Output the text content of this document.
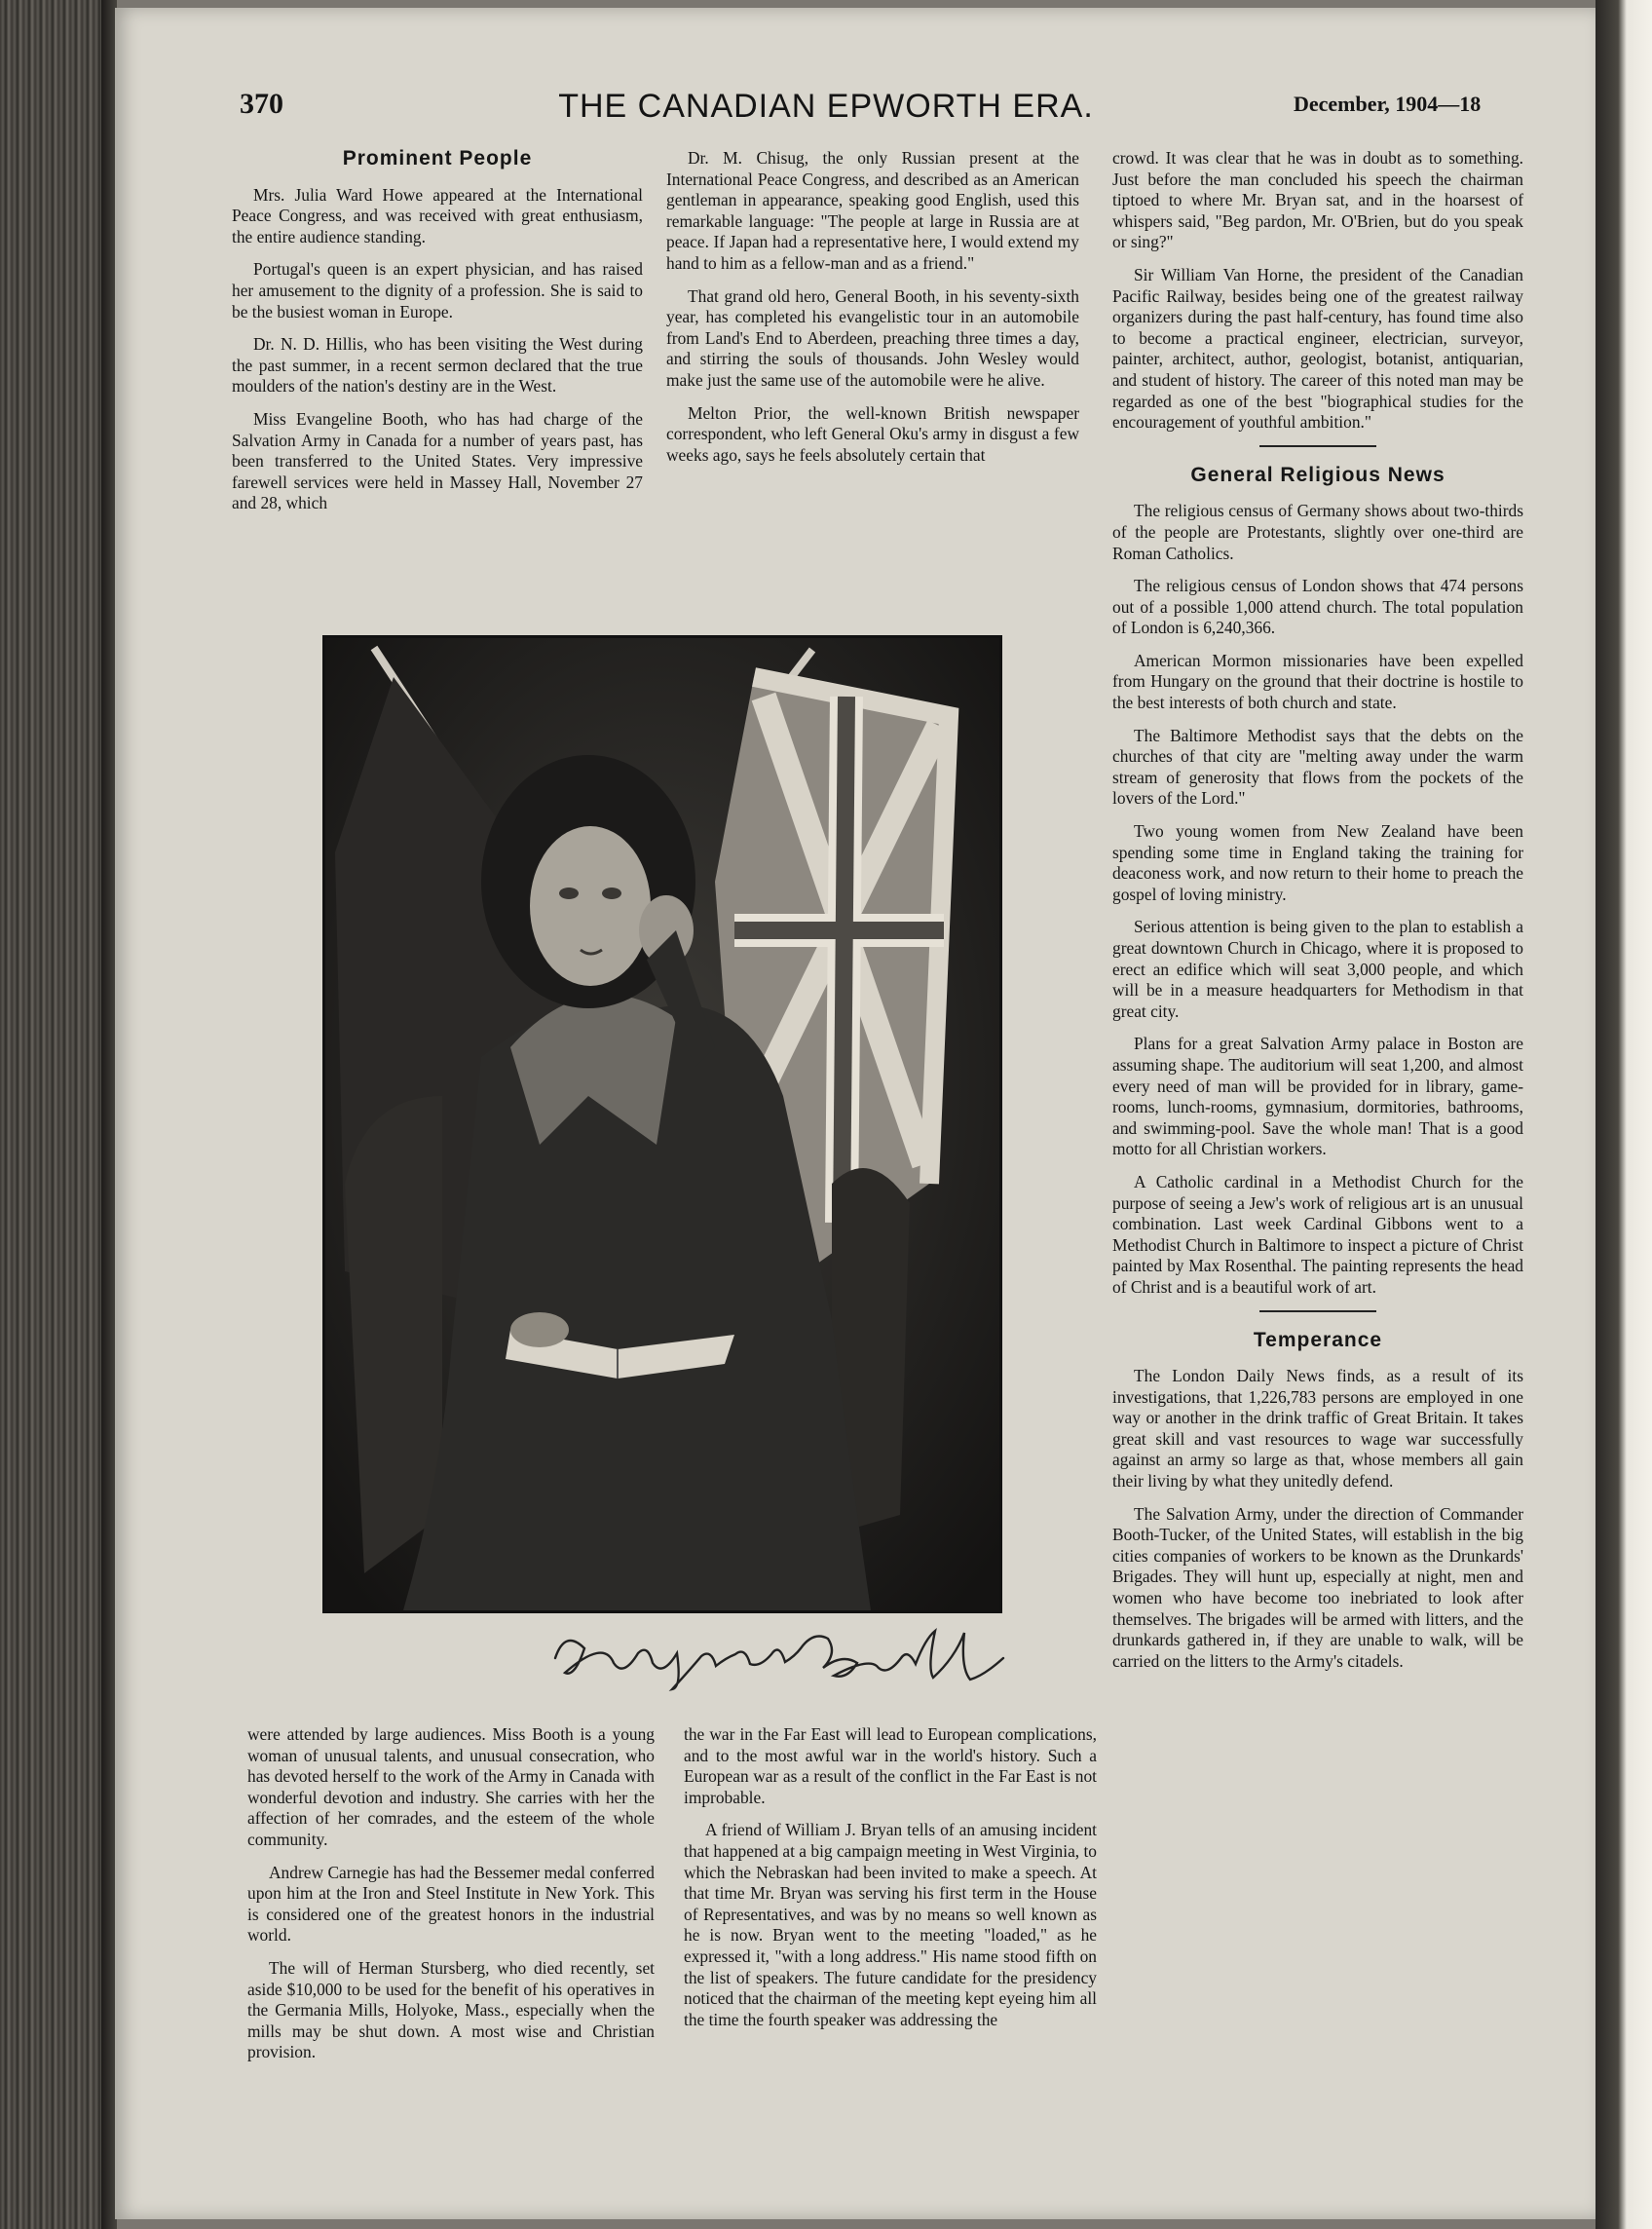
370	THE CANADIAN EPWORTH ERA.	December, 1904—18
Prominent People

Mrs. Julia Ward Howe appeared at the International Peace Congress, and was received with great enthusiasm, the entire audience standing.

Portugal's queen is an expert physician, and has raised her amusement to the dignity of a profession. She is said to be the busiest woman in Europe.

Dr. N. D. Hillis, who has been visiting the West during the past summer, in a recent sermon declared that the true moulders of the nation's destiny are in the West.

Miss Evangeline Booth, who has had charge of the Salvation Army in Canada for a number of years past, has been transferred to the United States. Very impressive farewell services were held in Massey Hall, November 27 and 28, which

Dr. M. Chisug, the only Russian present at the International Peace Congress, and described as an American gentleman in appearance, speaking good English, used this remarkable language: "The people at large in Russia are at peace. If Japan had a representative here, I would extend my hand to him as a fellow-man and as a friend."

That grand old hero, General Booth, in his seventy-sixth year, has completed his evangelistic tour in an automobile from Land's End to Aberdeen, preaching three times a day, and stirring the souls of thousands. John Wesley would make just the same use of the automobile were he alive.

Melton Prior, the well-known British newspaper correspondent, who left General Oku's army in disgust a few weeks ago, says he feels absolutely certain that

crowd. It was clear that he was in doubt as to something. Just before the man concluded his speech the chairman tiptoed to where Mr. Bryan sat, and in the hoarsest of whispers said, "Beg pardon, Mr. O'Brien, but do you speak or sing?"

Sir William Van Horne, the president of the Canadian Pacific Railway, besides being one of the greatest railway organizers during the past half-century, has found time also to become a practical engineer, electrician, surveyor, painter, architect, author, geologist, botanist, antiquarian, and student of history. The career of this noted man may be regarded as one of the best "biographical studies for the encouragement of youthful ambition."

General Religious News

The religious census of Germany shows about two-thirds of the people are Protestants, slightly over one-third are Roman Catholics.

The religious census of London shows that 474 persons out of a possible 1,000 attend church. The total population of London is 6,240,366.

American Mormon missionaries have been expelled from Hungary on the ground that their doctrine is hostile to the best interests of both church and state.

The Baltimore Methodist says that the debts on the churches of that city are "melting away under the warm stream of generosity that flows from the pockets of the lovers of the Lord."

Two young women from New Zealand have been spending some time in England taking the training for deaconess work, and now return to their home to preach the gospel of loving ministry.

Serious attention is being given to the plan to establish a great downtown Church in Chicago, where it is proposed to erect an edifice which will seat 3,000 people, and which will be in a measure headquarters for Methodism in that great city.

Plans for a great Salvation Army palace in Boston are assuming shape. The auditorium will seat 1,200, and almost every need of man will be provided for in library, game-rooms, lunch-rooms, gymnasium, dormitories, bathrooms, and swimming-pool. Save the whole man! That is a good motto for all Christian workers.

A Catholic cardinal in a Methodist Church for the purpose of seeing a Jew's work of religious art is an unusual combination. Last week Cardinal Gibbons went to a Methodist Church in Baltimore to inspect a picture of Christ painted by Max Rosenthal. The painting represents the head of Christ and is a beautiful work of art.

Temperance

The London Daily News finds, as a result of its investigations, that 1,226,783 persons are employed in one way or another in the drink traffic of Great Britain. It takes great skill and vast resources to wage war successfully against an army so large as that, whose members all gain their living by what they unitedly defend.

The Salvation Army, under the direction of Commander Booth-Tucker, of the United States, will establish in the big cities companies of workers to be known as the Drunkards' Brigades. They will hunt up, especially at night, men and women who have become too inebriated to look after themselves. The brigades will be armed with litters, and the drunkards gathered in, if they are unable to walk, will be carried on the litters to the Army's citadels.

were attended by large audiences. Miss Booth is a young woman of unusual talents, and unusual consecration, who has devoted herself to the work of the Army in Canada with wonderful devotion and industry. She carries with her the affection of her comrades, and the esteem of the whole community.

Andrew Carnegie has had the Bessemer medal conferred upon him at the Iron and Steel Institute in New York. This is considered one of the greatest honors in the industrial world.

The will of Herman Stursberg, who died recently, set aside $10,000 to be used for the benefit of his operatives in the Germania Mills, Holyoke, Mass., especially when the mills may be shut down. A most wise and Christian provision.

the war in the Far East will lead to European complications, and to the most awful war in the world's history. Such a European war as a result of the conflict in the Far East is not improbable.

A friend of William J. Bryan tells of an amusing incident that happened at a big campaign meeting in West Virginia, to which the Nebraskan had been invited to make a speech. At that time Mr. Bryan was serving his first term in the House of Representatives, and was by no means so well known as he is now. Bryan went to the meeting "loaded," as he expressed it, "with a long address." His name stood fifth on the list of speakers. The future candidate for the presidency noticed that the chairman of the meeting kept eyeing him all the time the fourth speaker was addressing the
